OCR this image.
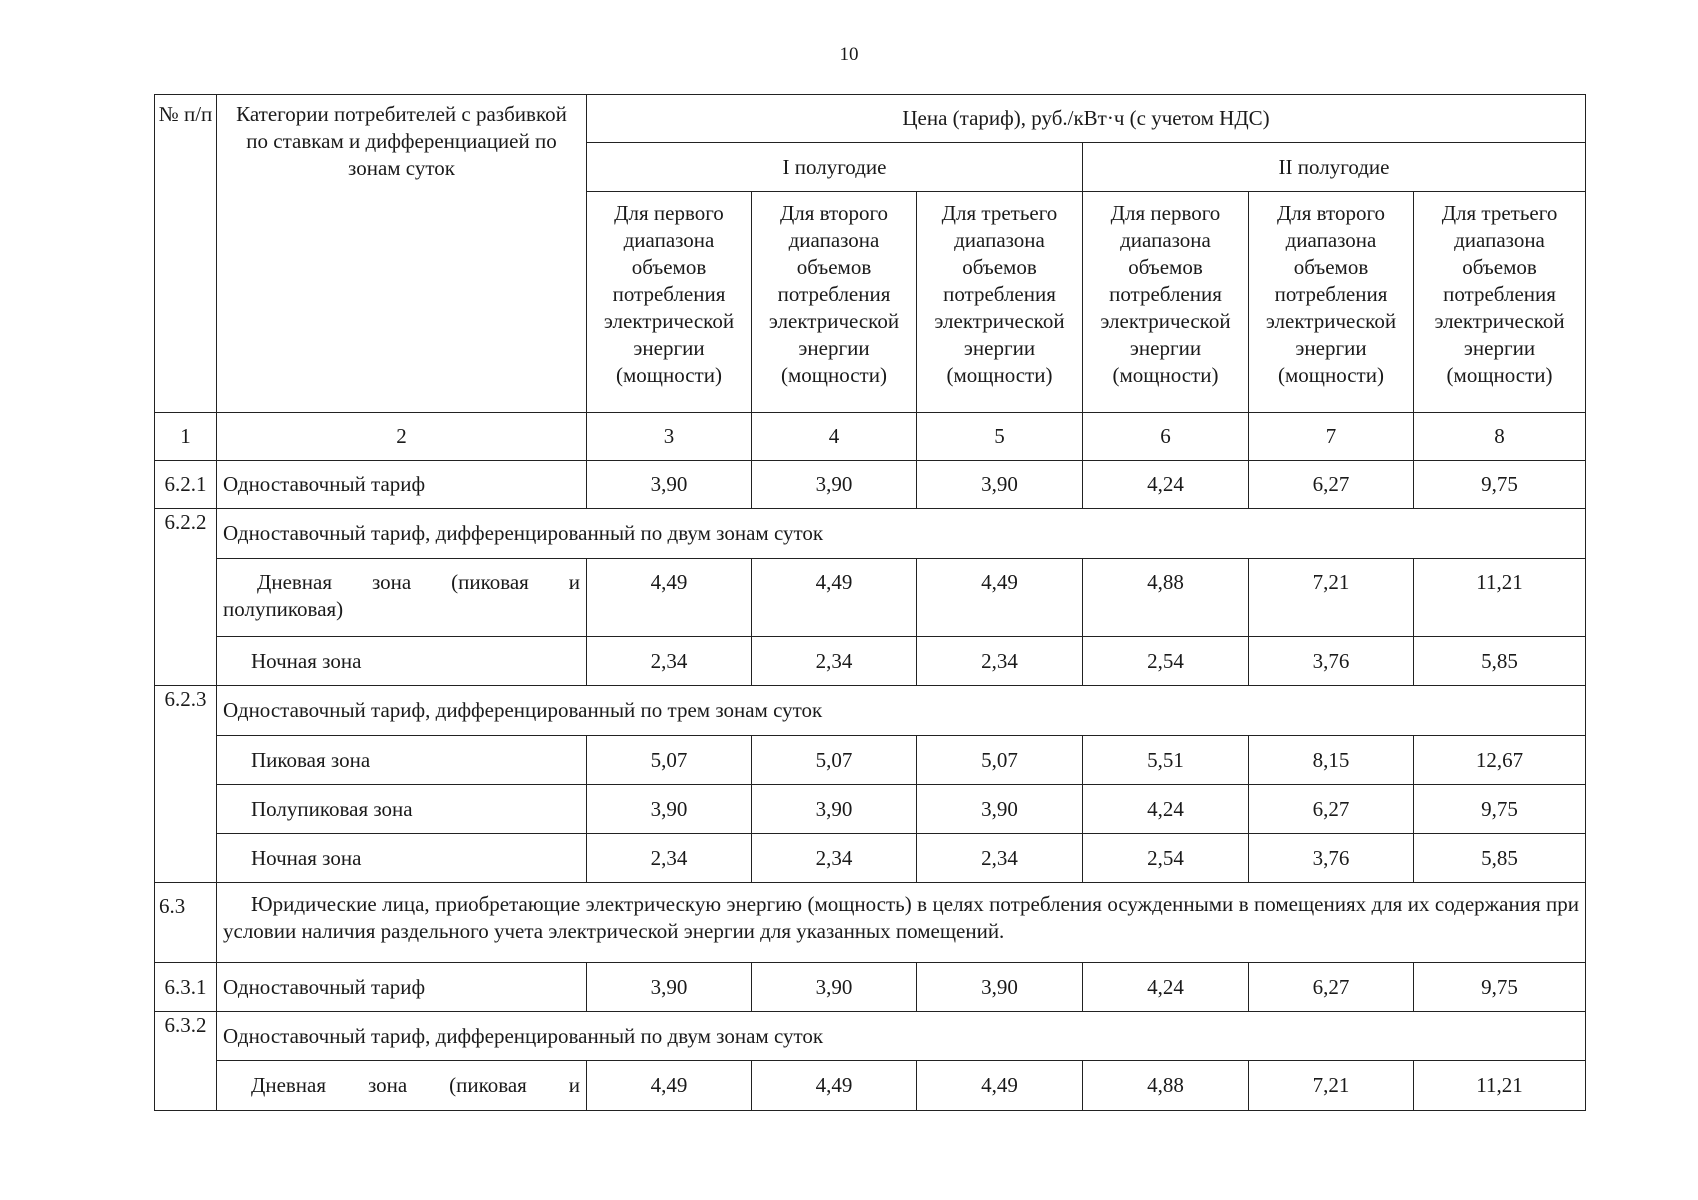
10
№ п/п	Категории потребителей с разбивкой по ставкам и дифференциацией по зонам суток	Цена (тариф), руб./кВт·ч (с учетом НДС)					
		I полугодие			II полугодие		
		Для первого диапазона объемов потребления электрической энергии (мощности)	Для второго диапазона объемов потребления электрической энергии (мощности)	Для третьего диапазона объемов потребления электрической энергии (мощности)	Для первого диапазона объемов потребления электрической энергии (мощности)	Для второго диапазона объемов потребления электрической энергии (мощности)	Для третьего диапазона объемов потребления электрической энергии (мощности)
1	2	3	4	5	6	7	8
6.2.1	Одноставочный тариф	3,90	3,90	3,90	4,24	6,27	9,75
6.2.2	Одноставочный тариф, дифференцированный по двум зонам суток						

	Дневная зона (пиковая и
полупиковая)	4,49	4,49	4,49	4,88	7,21	11,21
	Ночная зона	2,34	2,34	2,34	2,54	3,76	5,85
6.2.3	Одноставочный тариф, дифференцированный по трем зонам суток						
	Пиковая зона	5,07	5,07	5,07	5,51	8,15	12,67
	Полупиковая зона	3,90	3,90	3,90	4,24	6,27	9,75
	Ночная зона	2,34	2,34	2,34	2,54	3,76	5,85
6.3	Юридические лица, приобретающие электрическую энергию (мощность) в целях потребления осужденными в помещениях для их содержания при условии наличия раздельного учета электрической энергии для указанных помещений.						

6.3.1	Одноставочный тариф	3,90	3,90	3,90	4,24	6,27	9,75
6.3.2	Одноставочный тариф, дифференцированный по двум зонам суток						

	Дневная зона (пиковая и	4,49	4,49	4,49	4,88	7,21	11,21
